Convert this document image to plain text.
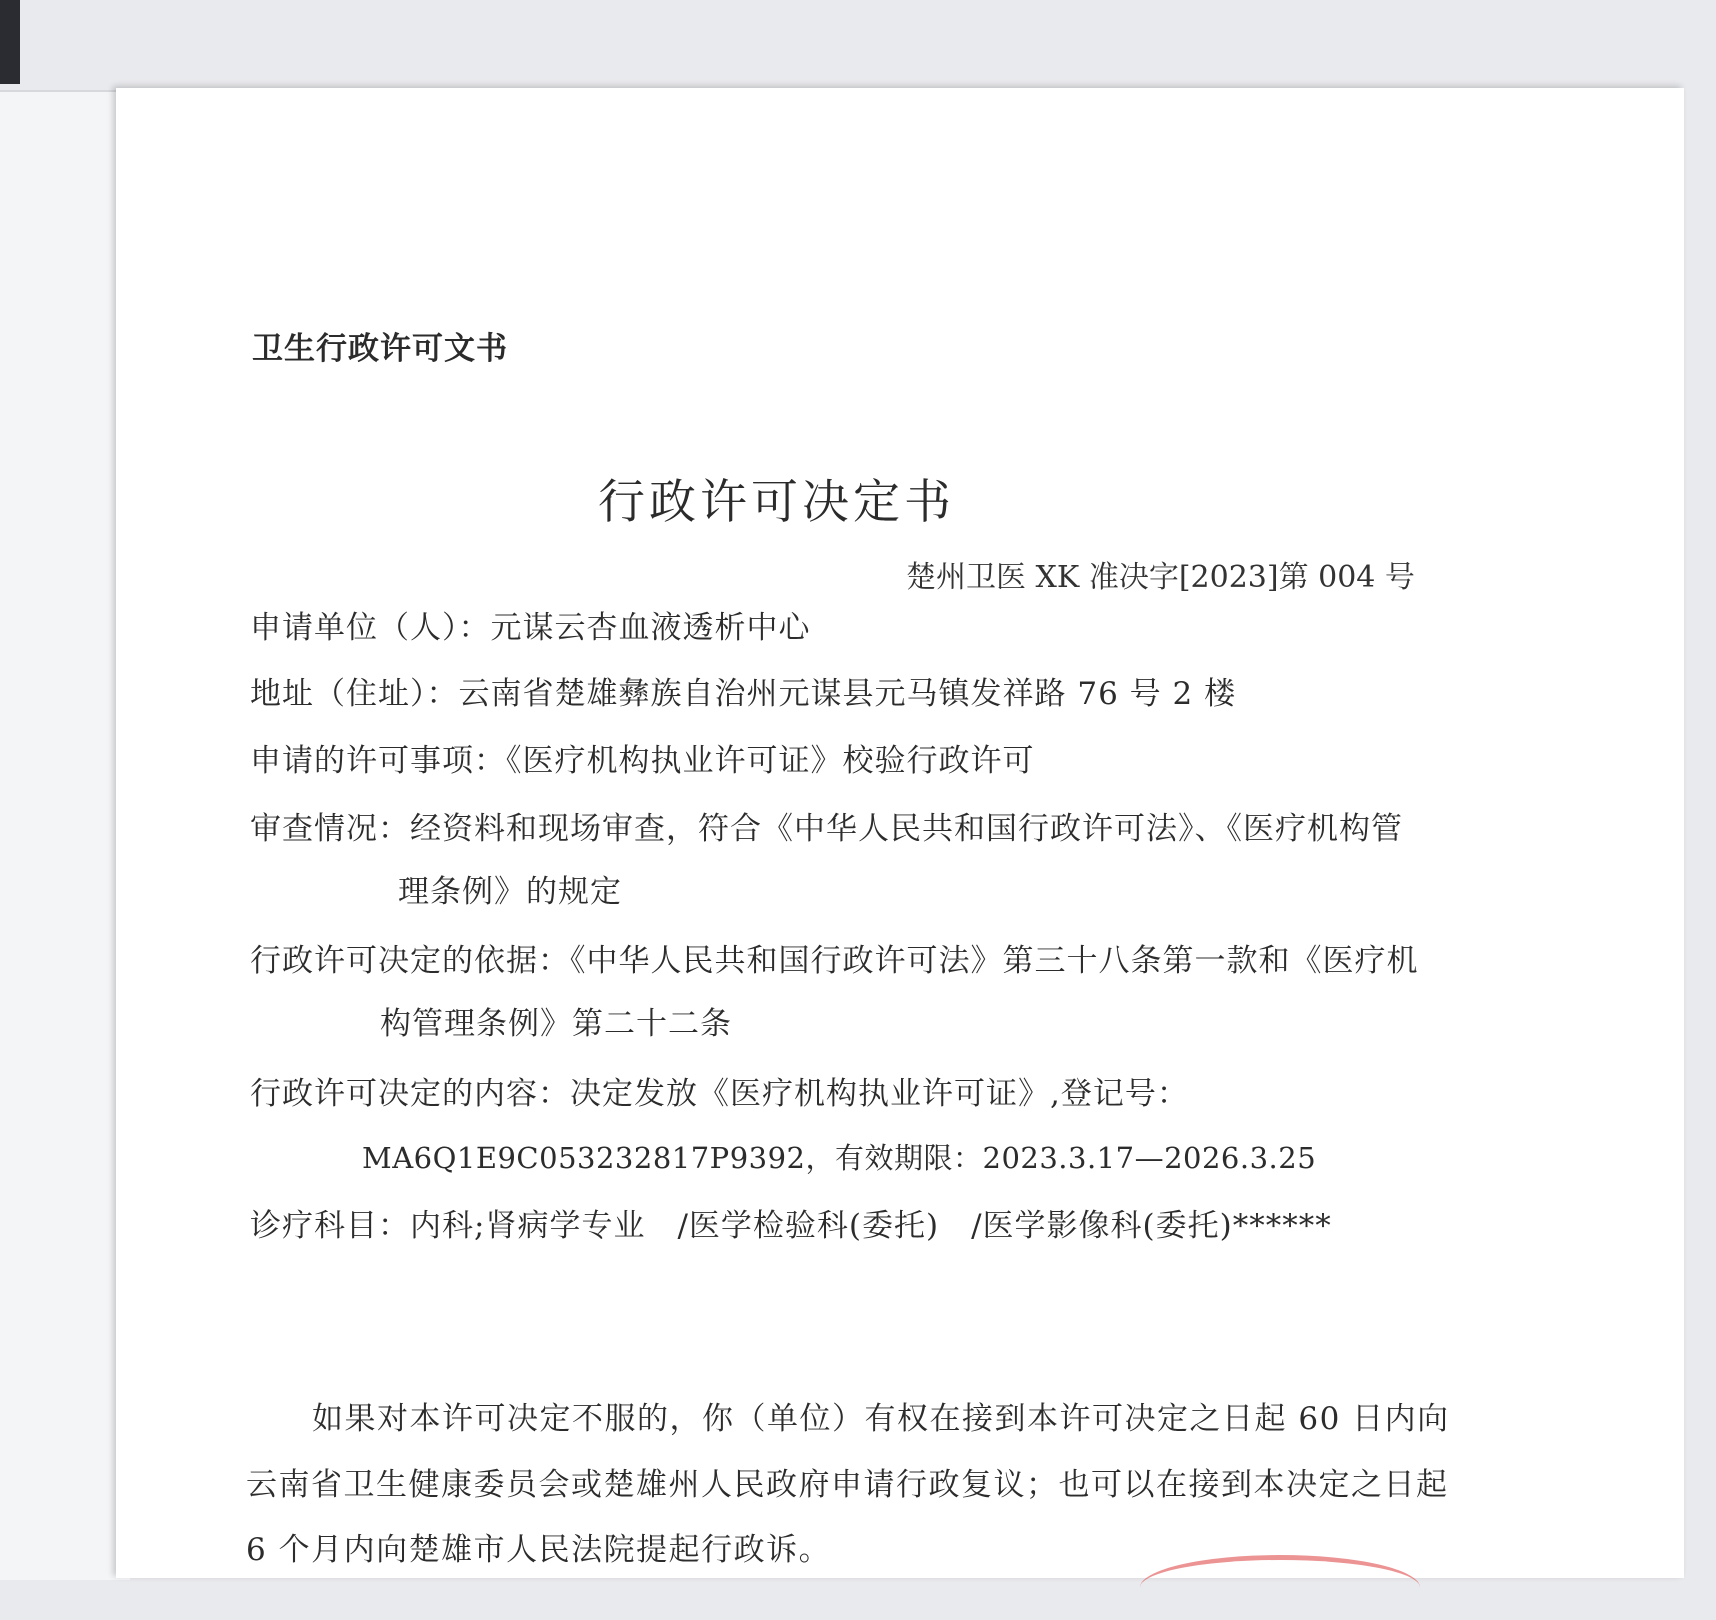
卫生行政许可文书
行政许可决定书
楚州卫医 XK 准决字[2023]第 004 号
申请单位（人）：元谋云杏血液透析中心
地址（住址）：云南省楚雄彝族自治州元谋县元马镇发祥路 76 号 2 楼
申请的许可事项：《医疗机构执业许可证》校验行政许可
审查情况：经资料和现场审查，符合《中华人民共和国行政许可法》、《医疗机构管
理条例》的规定
行政许可决定的依据：《中华人民共和国行政许可法》第三十八条第一款和《医疗机
构管理条例》第二十二条
行政许可决定的内容：决定发放《医疗机构执业许可证》,登记号：
MA6Q1E9C053232817P9392，有效期限：2023.3.17—2026.3.25
诊疗科目：内科;肾病学专业　/医学检验科(委托)　/医学影像科(委托)******
如果对本许可决定不服的，你（单位）有权在接到本许可决定之日起 60 日内向
云南省卫生健康委员会或楚雄州人民政府申请行政复议；也可以在接到本决定之日起
6 个月内向楚雄市人民法院提起行政诉。
